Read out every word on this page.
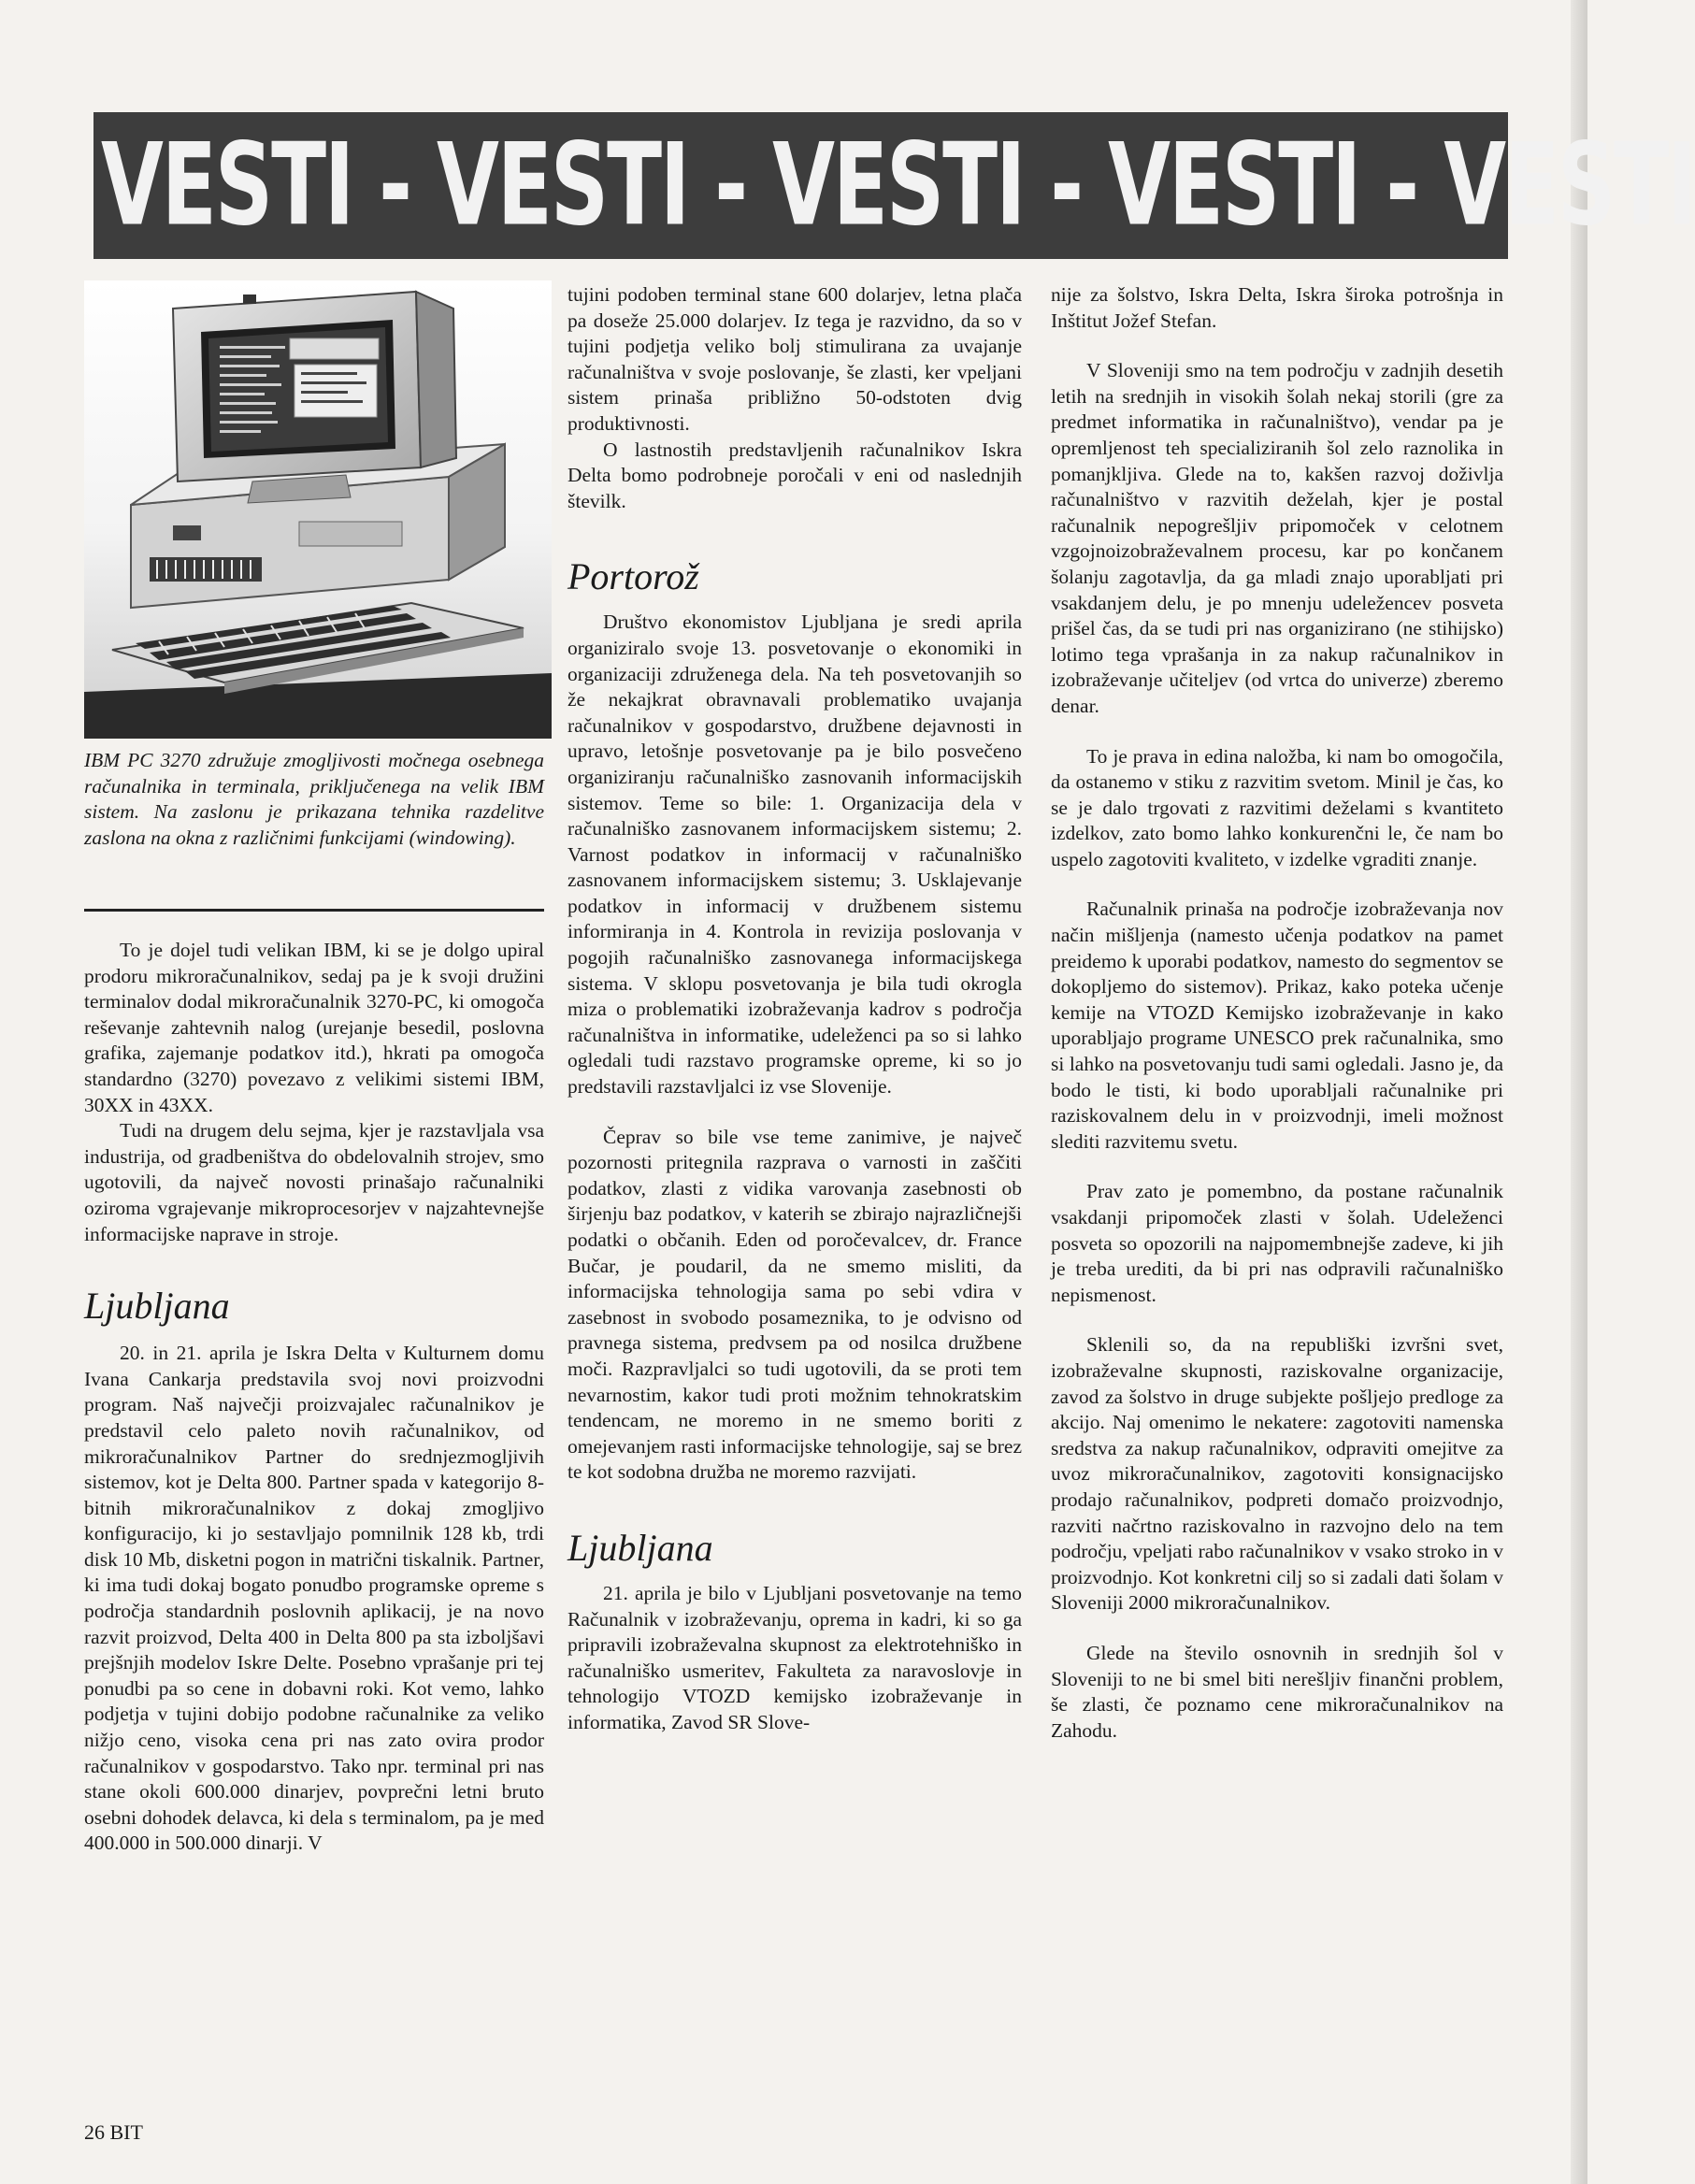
VESTI - VESTI - VESTI - VESTI - VESTI
IBM PC 3270 združuje zmogljivosti močnega osebnega računalnika in terminala, priključenega na velik IBM sistem. Na zaslonu je prikazana tehnika razdelitve zaslona na okna z različnimi funkcijami (windowing).

To je dojel tudi velikan IBM, ki se je dolgo upiral prodoru mikroračunalnikov, sedaj pa je k svoji družini terminalov dodal mikroračunalnik 3270-PC, ki omogoča reševanje zahtevnih nalog (urejanje besedil, poslovna grafika, zajemanje podatkov itd.), hkrati pa omogoča standardno (3270) povezavo z velikimi sistemi IBM, 30XX in 43XX.

Tudi na drugem delu sejma, kjer je razstavljala vsa industrija, od gradbeništva do obdelovalnih strojev, smo ugotovili, da največ novosti prinašajo računalniki oziroma vgrajevanje mikroprocesorjev v najzahtevnejše informacijske naprave in stroje.

Ljubljana

20. in 21. aprila je Iskra Delta v Kulturnem domu Ivana Cankarja predstavila svoj novi proizvodni program. Naš največji proizvajalec računalnikov je predstavil celo paleto novih računalnikov, od mikroračunalnikov Partner do srednjezmogljivih sistemov, kot je Delta 800. Partner spada v kategorijo 8-bitnih mikroračunalnikov z dokaj zmogljivo konfiguracijo, ki jo sestavljajo pomnilnik 128 kb, trdi disk 10 Mb, disketni pogon in matrični tiskalnik. Partner, ki ima tudi dokaj bogato ponudbo programske opreme s področja standardnih poslovnih aplikacij, je na novo razvit proizvod, Delta 400 in Delta 800 pa sta izboljšavi prejšnjih modelov Iskre Delte. Posebno vprašanje pri tej ponudbi pa so cene in dobavni roki. Kot vemo, lahko podjetja v tujini dobijo podobne računalnike za veliko nižjo ceno, visoka cena pri nas zato ovira prodor računalnikov v gospodarstvo. Tako npr. terminal pri nas stane okoli 600.000 dinarjev, povprečni letni bruto osebni dohodek delavca, ki dela s terminalom, pa je med 400.000 in 500.000 dinarji. V

tujini podoben terminal stane 600 dolarjev, letna plača pa doseže 25.000 dolarjev. Iz tega je razvidno, da so v tujini podjetja veliko bolj stimulirana za uvajanje računalništva v svoje poslovanje, še zlasti, ker vpeljani sistem prinaša približno 50-odstoten dvig produktivnosti.

O lastnostih predstavljenih računalnikov Iskra Delta bomo podrobneje poročali v eni od naslednjih številk.

Portorož

Društvo ekonomistov Ljubljana je sredi aprila organiziralo svoje 13. posvetovanje o ekonomiki in organizaciji združenega dela. Na teh posvetovanjih so že nekajkrat obravnavali problematiko uvajanja računalnikov v gospodarstvo, družbene dejavnosti in upravo, letošnje posvetovanje pa je bilo posvečeno organiziranju računalniško zasnovanih informacijskih sistemov. Teme so bile: 1. Organizacija dela v računalniško zasnovanem informacijskem sistemu; 2. Varnost podatkov in informacij v računalniško zasnovanem informacijskem sistemu; 3. Usklajevanje podatkov in informacij v družbenem sistemu informiranja in 4. Kontrola in revizija poslovanja v pogojih računalniško zasnovanega informacijskega sistema. V sklopu posvetovanja je bila tudi okrogla miza o problematiki izobraževanja kadrov s področja računalništva in informatike, udeleženci pa so si lahko ogledali tudi razstavo programske opreme, ki so jo predstavili razstavljalci iz vse Slovenije.

Čeprav so bile vse teme zanimive, je največ pozornosti pritegnila razprava o varnosti in zaščiti podatkov, zlasti z vidika varovanja zasebnosti ob širjenju baz podatkov, v katerih se zbirajo najrazličnejši podatki o občanih. Eden od poročevalcev, dr. France Bučar, je poudaril, da ne smemo misliti, da informacijska tehnologija sama po sebi vdira v zasebnost in svobodo posameznika, to je odvisno od pravnega sistema, predvsem pa od nosilca družbene moči. Razpravljalci so tudi ugotovili, da se proti tem nevarnostim, kakor tudi proti možnim tehnokratskim tendencam, ne moremo in ne smemo boriti z omejevanjem rasti informacijske tehnologije, saj se brez te kot sodobna družba ne moremo razvijati.

Ljubljana

21. aprila je bilo v Ljubljani posvetovanje na temo Računalnik v izobraževanju, oprema in kadri, ki so ga pripravili izobraževalna skupnost za elektrotehniško in računalniško usmeritev, Fakulteta za naravoslovje in tehnologijo VTOZD kemijsko izobraževanje in informatika, Zavod SR Slove-

nije za šolstvo, Iskra Delta, Iskra široka potrošnja in Inštitut Jožef Stefan.

V Sloveniji smo na tem področju v zadnjih desetih letih na srednjih in visokih šolah nekaj storili (gre za predmet informatika in računalništvo), vendar pa je opremljenost teh specializiranih šol zelo raznolika in pomanjkljiva. Glede na to, kakšen razvoj doživlja računalništvo v razvitih deželah, kjer je postal računalnik nepogrešljiv pripomoček v celotnem vzgojnoizobraževalnem procesu, kar po končanem šolanju zagotavlja, da ga mladi znajo uporabljati pri vsakdanjem delu, je po mnenju udeležencev posveta prišel čas, da se tudi pri nas organizirano (ne stihijsko) lotimo tega vprašanja in za nakup računalnikov in izobraževanje učiteljev (od vrtca do univerze) zberemo denar.

To je prava in edina naložba, ki nam bo omogočila, da ostanemo v stiku z razvitim svetom. Minil je čas, ko se je dalo trgovati z razvitimi deželami s kvantiteto izdelkov, zato bomo lahko konkurenčni le, če nam bo uspelo zagotoviti kvaliteto, v izdelke vgraditi znanje.

Računalnik prinaša na področje izobraževanja nov način mišljenja (namesto učenja podatkov na pamet preidemo k uporabi podatkov, namesto do segmentov se dokopljemo do sistemov). Prikaz, kako poteka učenje kemije na VTOZD Kemijsko izobraževanje in kako uporabljajo programe UNESCO prek računalnika, smo si lahko na posvetovanju tudi sami ogledali. Jasno je, da bodo le tisti, ki bodo uporabljali računalnike pri raziskovalnem delu in v proizvodnji, imeli možnost slediti razvitemu svetu.

Prav zato je pomembno, da postane računalnik vsakdanji pripomoček zlasti v šolah. Udeleženci posveta so opozorili na najpomembnejše zadeve, ki jih je treba urediti, da bi pri nas odpravili računalniško nepismenost.

Sklenili so, da na republiški izvršni svet, izobraževalne skupnosti, raziskovalne organizacije, zavod za šolstvo in druge subjekte pošljejo predloge za akcijo. Naj omenimo le nekatere: zagotoviti namenska sredstva za nakup računalnikov, odpraviti omejitve za uvoz mikroračunalnikov, zagotoviti konsignacijsko prodajo računalnikov, podpreti domačo proizvodnjo, razviti načrtno raziskovalno in razvojno delo na tem področju, vpeljati rabo računalnikov v vsako stroko in v proizvodnjo. Kot konkretni cilj so si zadali dati šolam v Sloveniji 2000 mikroračunalnikov.

Glede na število osnovnih in srednjih šol v Sloveniji to ne bi smel biti nerešljiv finančni problem, še zlasti, če poznamo cene mikroračunalnikov na Zahodu.

26 BIT
